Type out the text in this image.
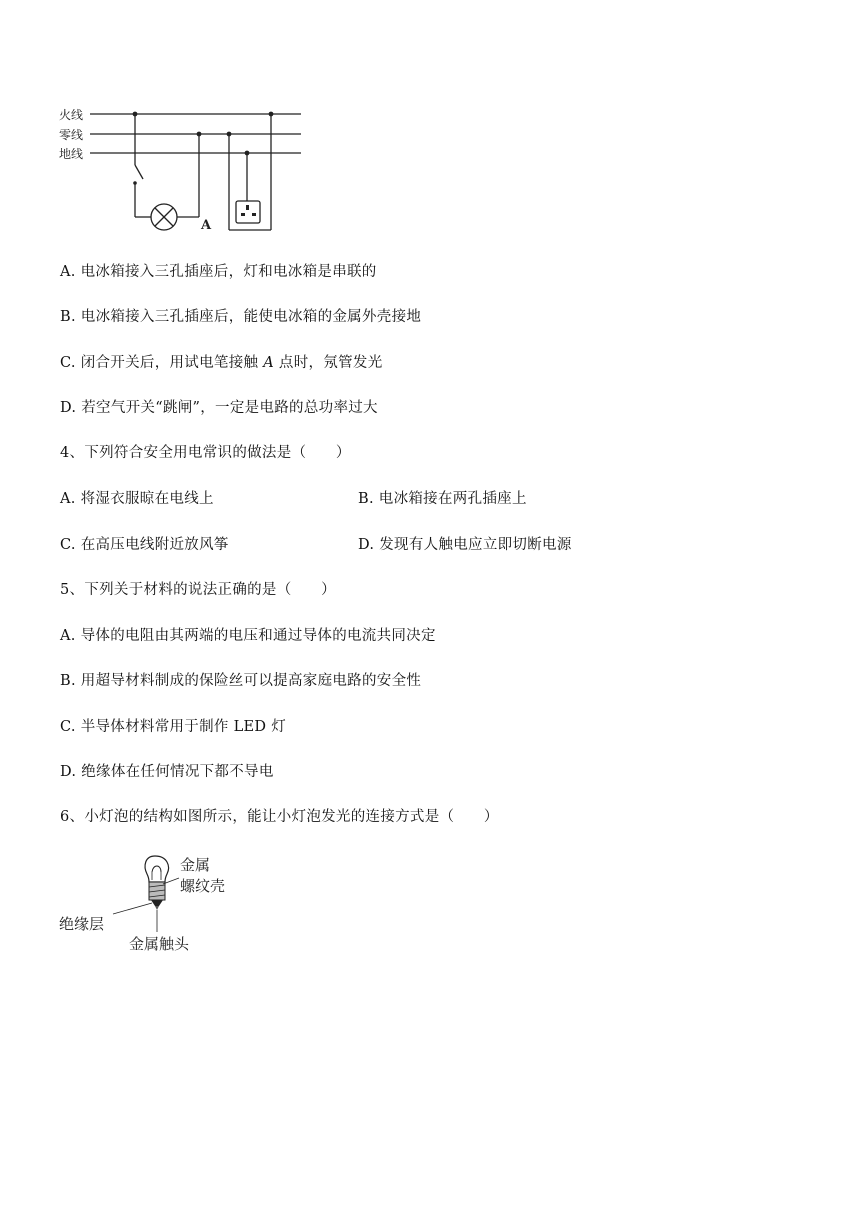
火线
零线
地线
A
A. 电冰箱接入三孔插座后，灯和电冰箱是串联的
B. 电冰箱接入三孔插座后，能使电冰箱的金属外壳接地
C. 闭合开关后，用试电笔接触 A 点时，氖管发光
D. 若空气开关“跳闸”，一定是电路的总功率过大
4、下列符合安全用电常识的做法是（　　）
A. 将湿衣服晾在电线上	B. 电冰箱接在两孔插座上
C. 在高压电线附近放风筝	D. 发现有人触电应立即切断电源
5、下列关于材料的说法正确的是（　　）
A. 导体的电阻由其两端的电压和通过导体的电流共同决定
B. 用超导材料制成的保险丝可以提高家庭电路的安全性
C. 半导体材料常用于制作 LED 灯
D. 绝缘体在任何情况下都不导电
6、小灯泡的结构如图所示，能让小灯泡发光的连接方式是（　　）
金属
螺纹壳
绝缘层
金属触头
